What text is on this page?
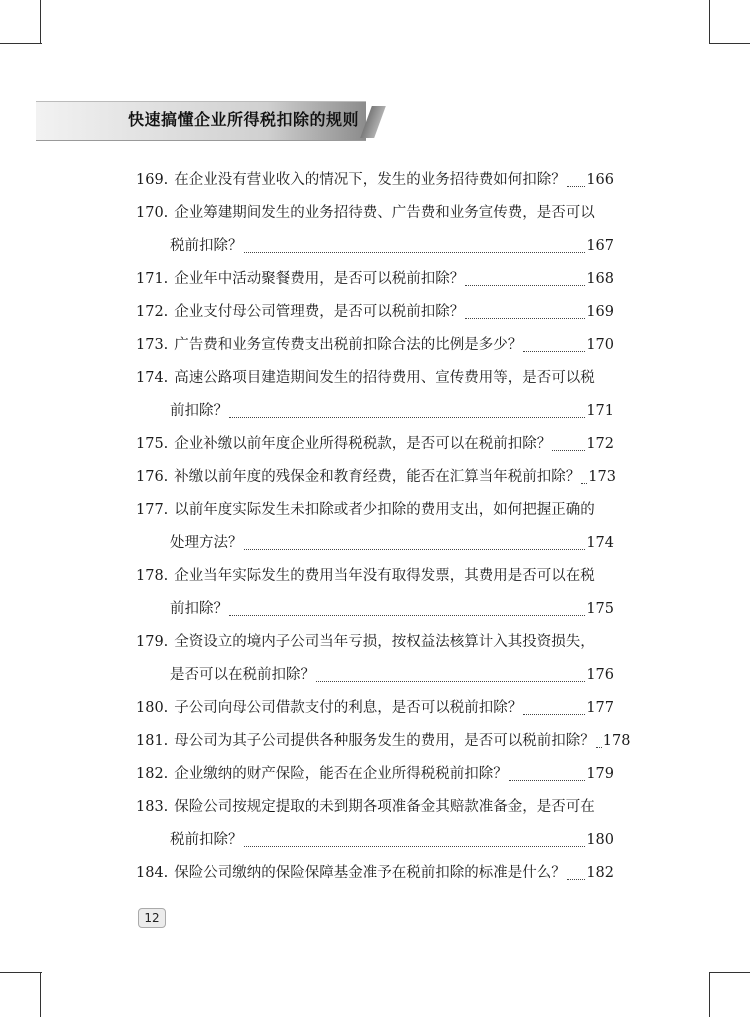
快速搞懂企业所得税扣除的规则
169. 在企业没有营业收入的情况下，发生的业务招待费如何扣除？ 166
170. 企业筹建期间发生的业务招待费、广告费和业务宣传费，是否可以
税前扣除？	167
171. 企业年中活动聚餐费用，是否可以税前扣除？	168
172. 企业支付母公司管理费，是否可以税前扣除？	169
173. 广告费和业务宣传费支出税前扣除合法的比例是多少？	170
174. 高速公路项目建造期间发生的招待费用、宣传费用等，是否可以税
前扣除？	171
175. 企业补缴以前年度企业所得税税款，是否可以在税前扣除？ 172
176. 补缴以前年度的残保金和教育经费，能否在汇算当年税前扣除？ 173
177. 以前年度实际发生未扣除或者少扣除的费用支出，如何把握正确的
处理方法？	174
178. 企业当年实际发生的费用当年没有取得发票，其费用是否可以在税
前扣除？	175
179. 全资设立的境内子公司当年亏损，按权益法核算计入其投资损失，
是否可以在税前扣除？	176
180. 子公司向母公司借款支付的利息，是否可以税前扣除？	177
181. 母公司为其子公司提供各种服务发生的费用，是否可以税前扣除？ 178
182. 企业缴纳的财产保险，能否在企业所得税税前扣除？	179
183. 保险公司按规定提取的未到期各项准备金其赔款准备金，是否可在
税前扣除？	180
184. 保险公司缴纳的保险保障基金准予在税前扣除的标准是什么？ 182
12
